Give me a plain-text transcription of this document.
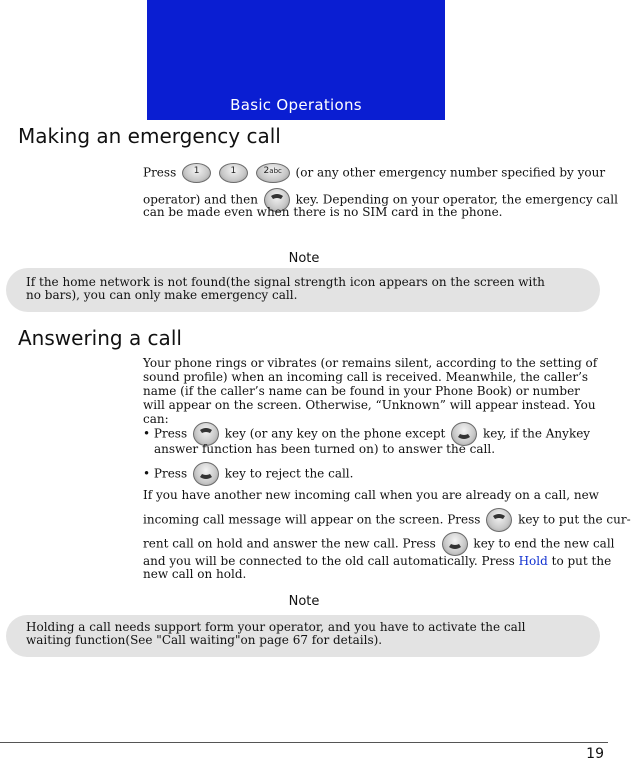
Basic Operations
Making an emergency call
Press	1
	1
	2abc	(or any other emergency number specified by your
operator) and then	key. Depending on your operator, the emergency call
can be made even when there is no SIM card in the phone.
Note
If the home network is not found(the signal strength icon appears on the screen with no bars), you can only make emergency call.
Answering a call
Your phone rings or vibrates (or remains silent, according to the setting of sound profile) when an incoming call is received. Meanwhile, the caller’s name (if the caller’s name can be found in your Phone Book) or number will appear on the screen. Otherwise, “Unknown” will appear instead. You can:
• Press	key (or any key on the phone except	key, if the Anykey
answer function has been turned on) to answer the call.
• Press	key to reject the call.
If you have another new incoming call when you are already on a call, new
incoming call message will appear on the screen. Press	key to put the cur-
rent call on hold and answer the new call. Press	key to end the new call
and you will be connected to the old call automatically. Press Hold to put the
new call on hold.
Note
Holding a call needs support form your operator, and you have to activate the call waiting function(See "Call waiting"on page 67 for details).
19
